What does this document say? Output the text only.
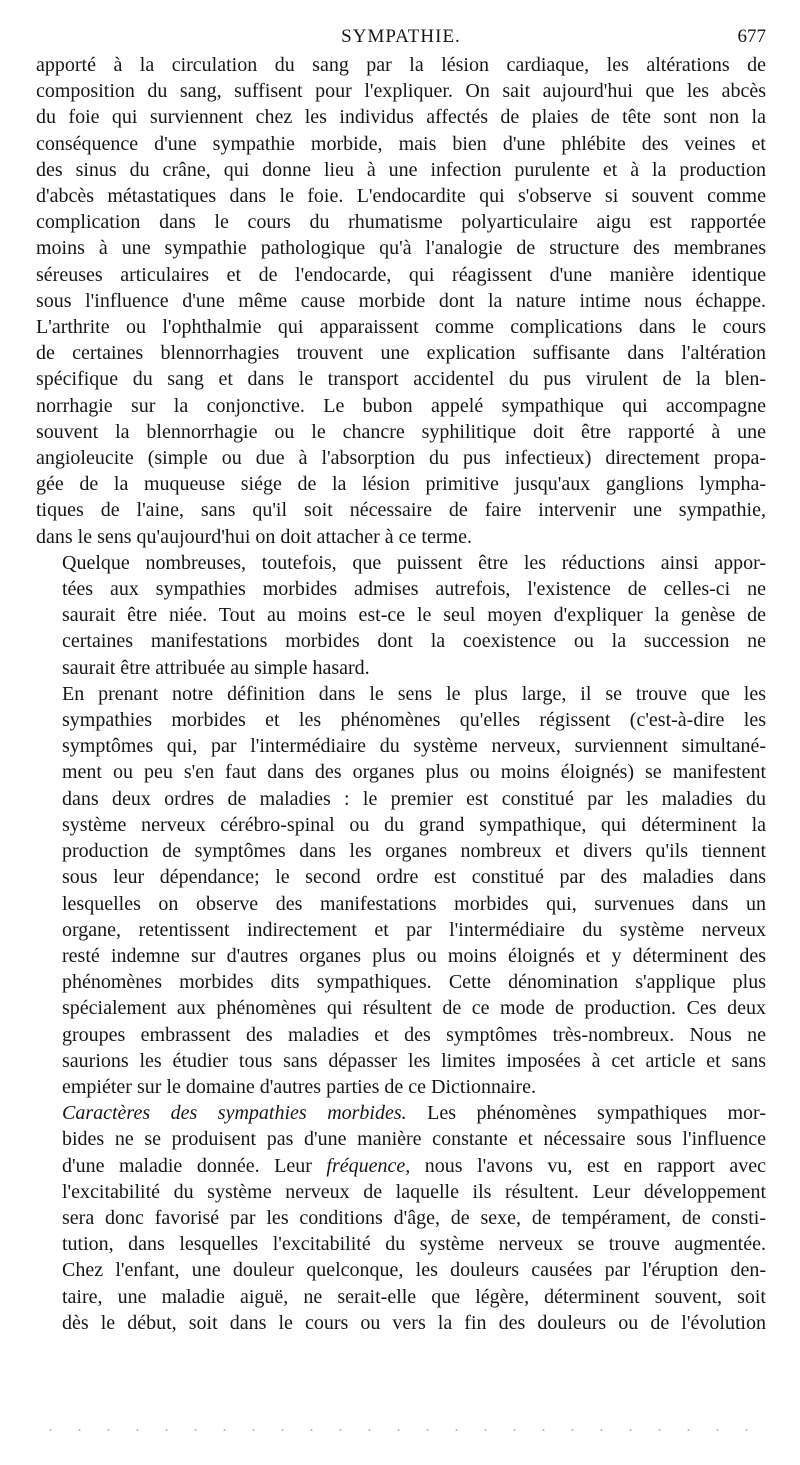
SYMPATHIE.	677

apporté à la circulation du sang par la lésion cardiaque, les altérations de
composition du sang, suffisent pour l'expliquer. On sait aujourd'hui que les abcès
du foie qui surviennent chez les individus affectés de plaies de tête sont non la
conséquence d'une sympathie morbide, mais bien d'une phlébite des veines et
des sinus du crâne, qui donne lieu à une infection purulente et à la production
d'abcès métastatiques dans le foie. L'endocardite qui s'observe si souvent comme
complication dans le cours du rhumatisme polyarticulaire aigu est rapportée
moins à une sympathie pathologique qu'à l'analogie de structure des membranes
séreuses articulaires et de l'endocarde, qui réagissent d'une manière identique
sous l'influence d'une même cause morbide dont la nature intime nous échappe.
L'arthrite ou l'ophthalmie qui apparaissent comme complications dans le cours
de certaines blennorrhagies trouvent une explication suffisante dans l'altération
spécifique du sang et dans le transport accidentel du pus virulent de la blen-
norrhagie sur la conjonctive. Le bubon appelé sympathique qui accompagne
souvent la blennorrhagie ou le chancre syphilitique doit être rapporté à une
angioleucite (simple ou due à l'absorption du pus infectieux) directement propa-
gée de la muqueuse siége de la lésion primitive jusqu'aux ganglions lympha-
tiques de l'aine, sans qu'il soit nécessaire de faire intervenir une sympathie,
dans le sens qu'aujourd'hui on doit attacher à ce terme.

Quelque nombreuses, toutefois, que puissent être les réductions ainsi appor-
tées aux sympathies morbides admises autrefois, l'existence de celles-ci ne
saurait être niée. Tout au moins est-ce le seul moyen d'expliquer la genèse de
certaines manifestations morbides dont la coexistence ou la succession ne
saurait être attribuée au simple hasard.

En prenant notre définition dans le sens le plus large, il se trouve que les
sympathies morbides et les phénomènes qu'elles régissent (c'est-à-dire les
symptômes qui, par l'intermédiaire du système nerveux, surviennent simultané-
ment ou peu s'en faut dans des organes plus ou moins éloignés) se manifestent
dans deux ordres de maladies : le premier est constitué par les maladies du
système nerveux cérébro-spinal ou du grand sympathique, qui déterminent la
production de symptômes dans les organes nombreux et divers qu'ils tiennent
sous leur dépendance; le second ordre est constitué par des maladies dans
lesquelles on observe des manifestations morbides qui, survenues dans un
organe, retentissent indirectement et par l'intermédiaire du système nerveux
resté indemne sur d'autres organes plus ou moins éloignés et y déterminent des
phénomènes morbides dits sympathiques. Cette dénomination s'applique plus
spécialement aux phénomènes qui résultent de ce mode de production. Ces deux
groupes embrassent des maladies et des symptômes très-nombreux. Nous ne
saurions les étudier tous sans dépasser les limites imposées à cet article et sans
empiéter sur le domaine d'autres parties de ce Dictionnaire.

Caractères des sympathies morbides. Les phénomènes sympathiques mor-
bides ne se produisent pas d'une manière constante et nécessaire sous l'influence
d'une maladie donnée. Leur fréquence, nous l'avons vu, est en rapport avec
l'excitabilité du système nerveux de laquelle ils résultent. Leur développement
sera donc favorisé par les conditions d'âge, de sexe, de tempérament, de consti-
tution, dans lesquelles l'excitabilité du système nerveux se trouve augmentée.
Chez l'enfant, une douleur quelconque, les douleurs causées par l'éruption den-
taire, une maladie aiguë, ne serait-elle que légère, déterminent souvent, soit
dès le début, soit dans le cours ou vers la fin des douleurs ou de l'évolution
